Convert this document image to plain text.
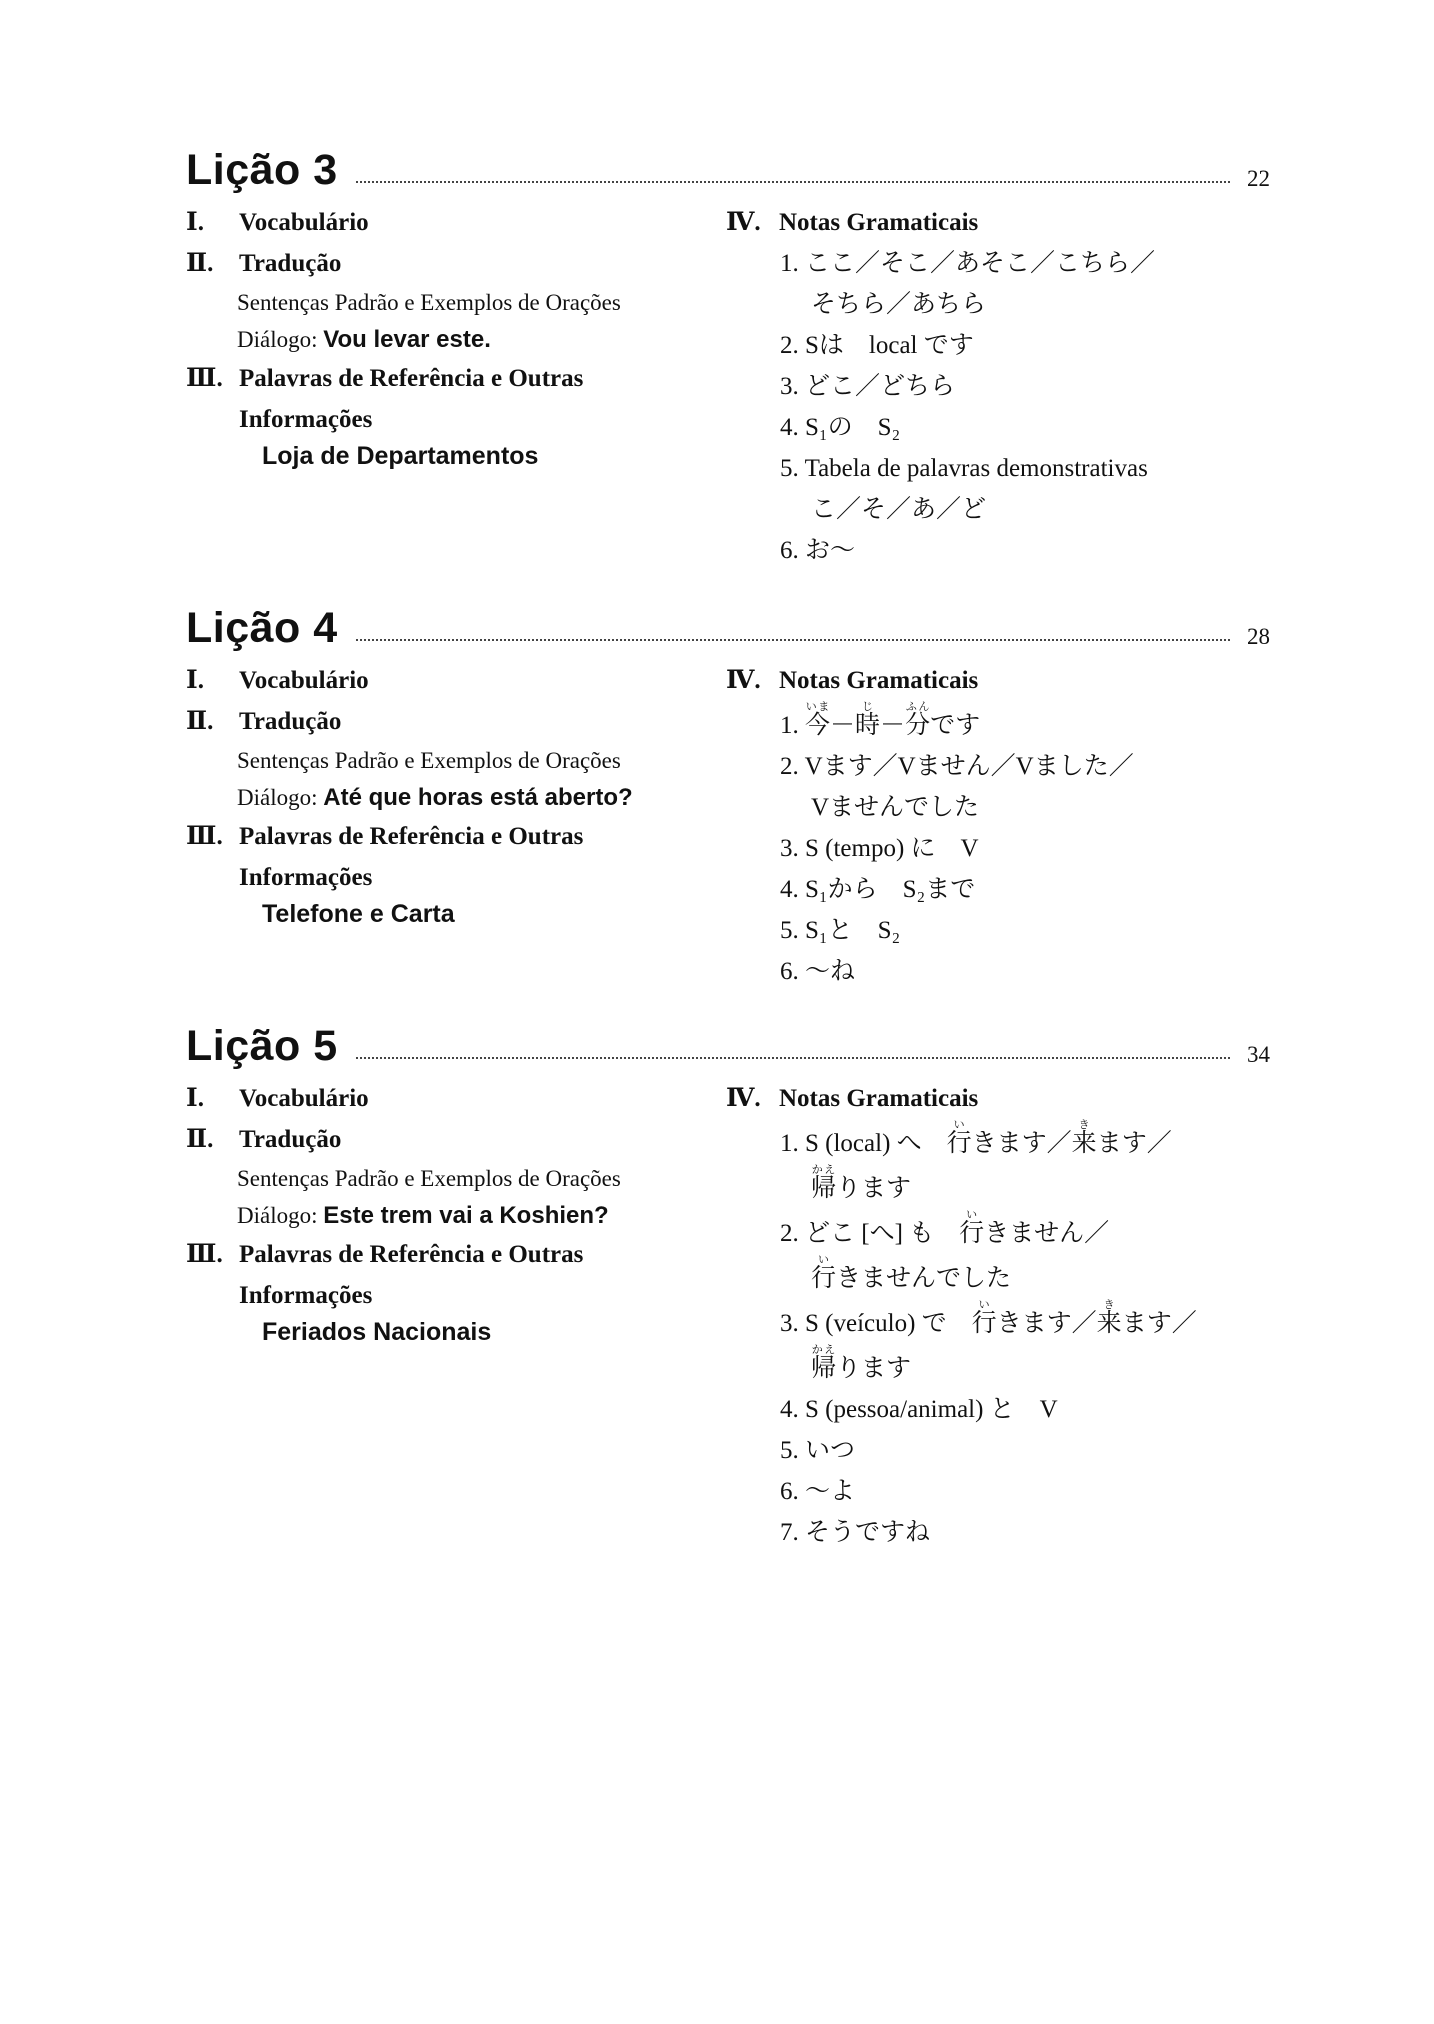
Lição 3	22
Ⅰ. Vocabulário
Ⅱ. Tradução
Sentenças Padrão e Exemplos de Orações
Diálogo: Vou levar este.
Ⅲ. Palavras de Referência e Outras
Informações
Loja de Departamentos
Ⅳ. Notas Gramaticais
1. ここ／そこ／あそこ／こちら／
そちら／あちら
2. Sは　local です
3. どこ／どちら
4. S₁の　S₂
5. Tabela de palavras demonstrativas
こ／そ／あ／ど
6. お～
Lição 4	28
Ⅰ. Vocabulário
Ⅱ. Tradução
Sentenças Padrão e Exemplos de Orações
Diálogo: Até que horas está aberto?
Ⅲ. Palavras de Referência e Outras
Informações
Telefone e Carta
Ⅳ. Notas Gramaticais
1. 今いま－時じ－分ふんです
2. Vます／Vません／Vました／
Vませんでした
3. S (tempo) に　V
4. S₁から　S₂まで
5. S₁と　S₂
6. ～ね
Lição 5	34
Ⅰ. Vocabulário
Ⅱ. Tradução
Sentenças Padrão e Exemplos de Orações
Diálogo: Este trem vai a Koshien?
Ⅲ. Palavras de Referência e Outras
Informações
Feriados Nacionais
Ⅳ. Notas Gramaticais
1. S (local) へ　行いきます／来きます／
帰かえります
2. どこ [へ] も　行いきません／
行いきませんでした
3. S (veículo) で　行いきます／来きます／
帰かえります
4. S (pessoa/animal) と　V
5. いつ
6. ～よ
7. そうですね
